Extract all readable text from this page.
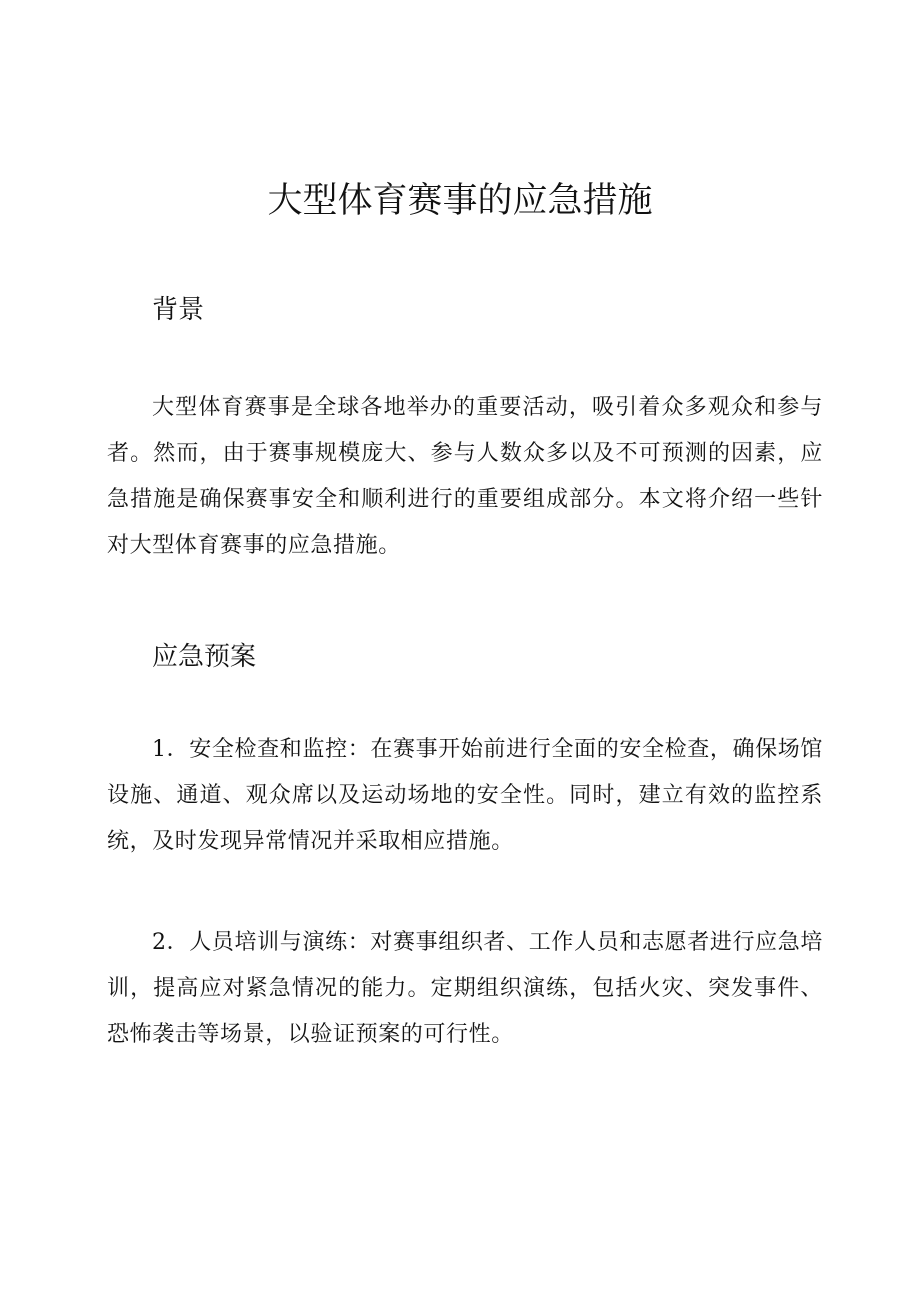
大型体育赛事的应急措施
背景

大型体育赛事是全球各地举办的重要活动，吸引着众多观众和参与者。然而，由于赛事规模庞大、参与人数众多以及不可预测的因素，应急措施是确保赛事安全和顺利进行的重要组成部分。本文将介绍一些针对大型体育赛事的应急措施。

应急预案

1．安全检查和监控：在赛事开始前进行全面的安全检查，确保场馆设施、通道、观众席以及运动场地的安全性。同时，建立有效的监控系统，及时发现异常情况并采取相应措施。

2．人员培训与演练：对赛事组织者、工作人员和志愿者进行应急培训，提高应对紧急情况的能力。定期组织演练，包括火灾、突发事件、恐怖袭击等场景，以验证预案的可行性。
